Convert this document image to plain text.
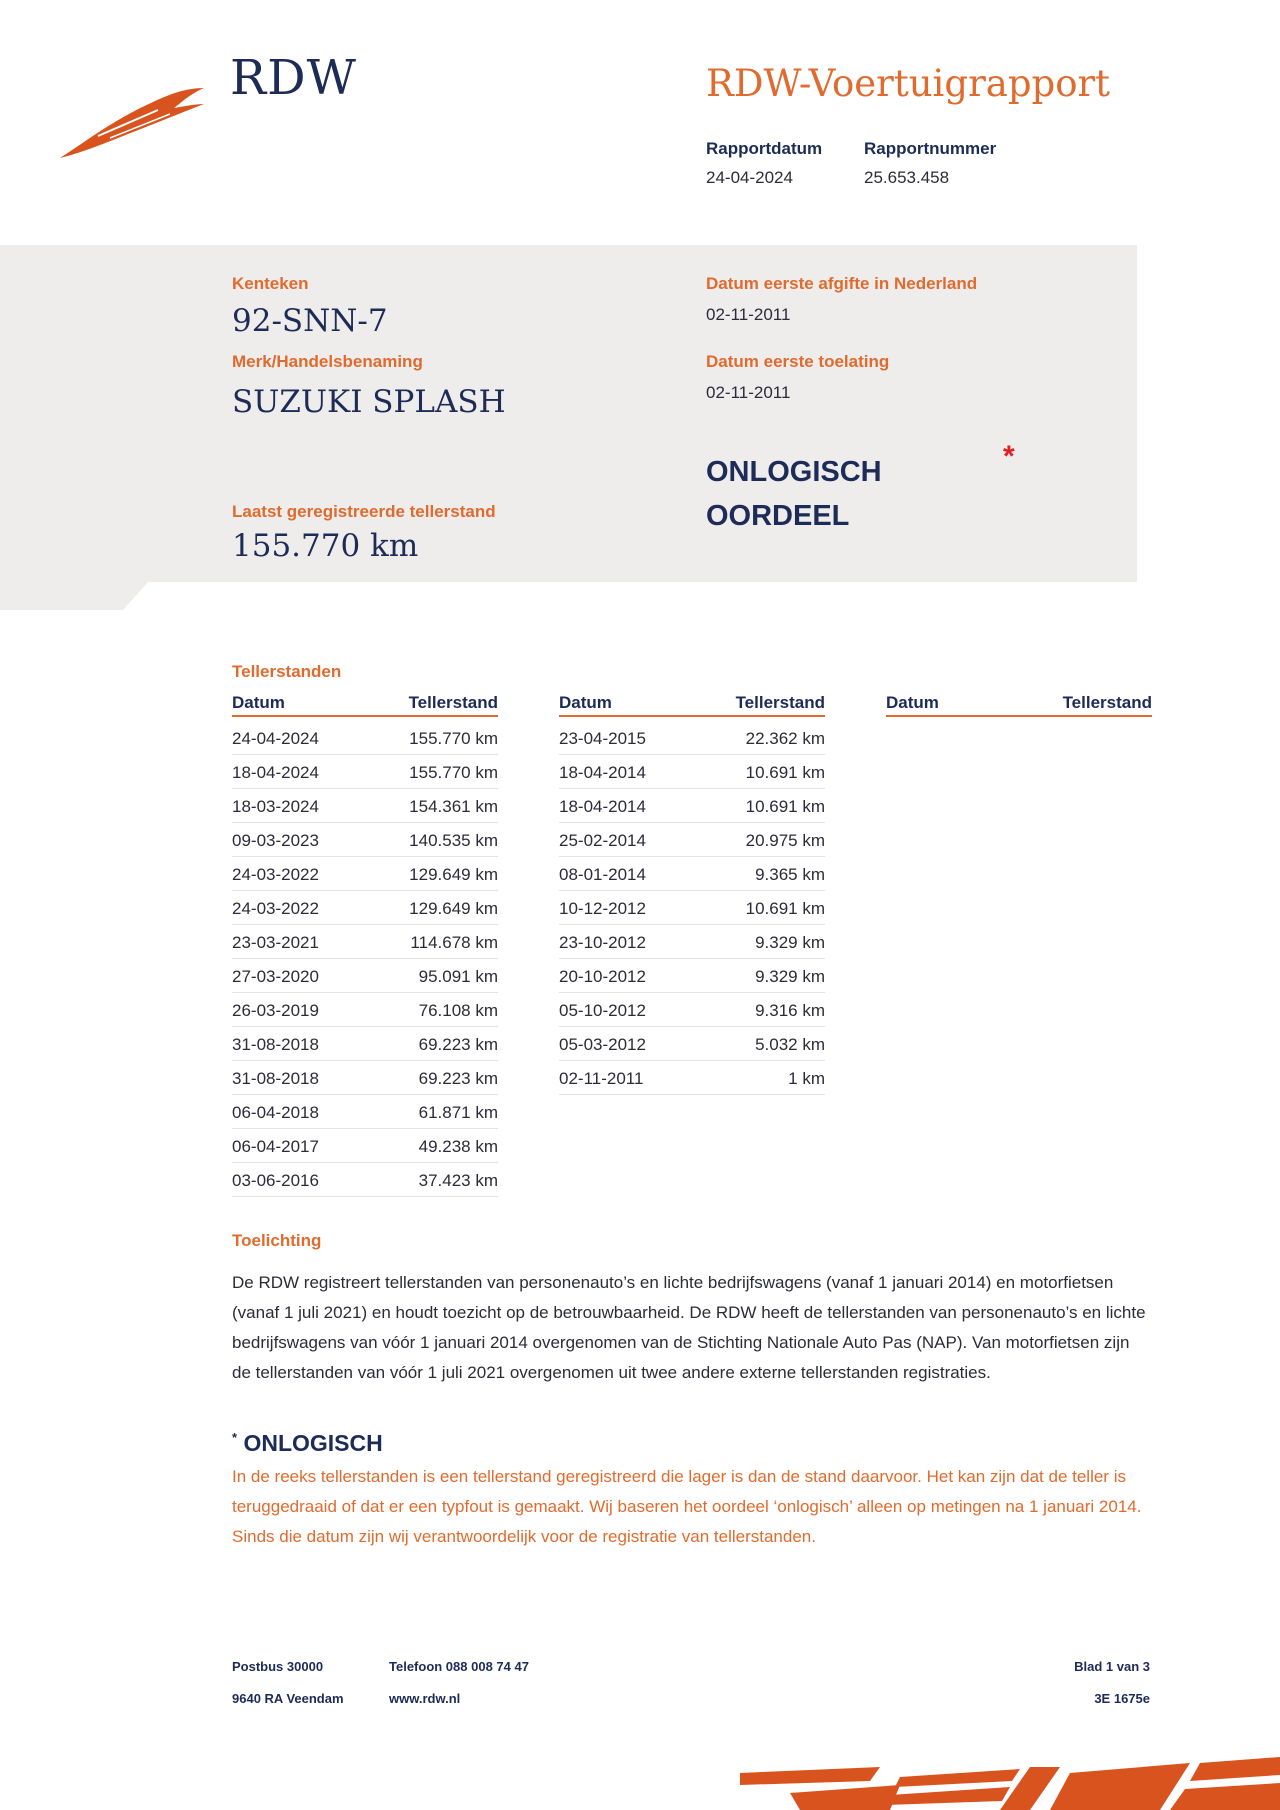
RDW	RDW-Voertuigrapport
Rapportdatum
24-04-2024
Rapportnummer
25.653.458
Kenteken
92-SNN-7
Merk/Handelsbenaming
SUZUKI SPLASH
Laatst geregistreerde tellerstand
155.770 km
Datum eerste afgifte in Nederland
02-11-2011
Datum eerste toelating
02-11-2011
ONLOGISCH
OORDEEL
*
Tellerstanden
Datum	Tellerstand	Datum	Tellerstand	Datum	Tellerstand
24-04-2024	155.770 km
18-04-2024	155.770 km
18-03-2024	154.361 km
09-03-2023	140.535 km
24-03-2022	129.649 km
24-03-2022	129.649 km
23-03-2021	114.678 km
27-03-2020	95.091 km
26-03-2019	76.108 km
31-08-2018	69.223 km
31-08-2018	69.223 km
06-04-2018	61.871 km
06-04-2017	49.238 km
03-06-2016	37.423 km
23-04-2015	22.362 km
18-04-2014	10.691 km
18-04-2014	10.691 km
25-02-2014	20.975 km
08-01-2014	9.365 km
10-12-2012	10.691 km
23-10-2012	9.329 km
20-10-2012	9.329 km
05-10-2012	9.316 km
05-03-2012	5.032 km
02-11-2011	1 km
Toelichting
De RDW registreert tellerstanden van personenauto’s en lichte bedrijfswagens (vanaf 1 januari 2014) en motorfietsen (vanaf 1 juli 2021) en houdt toezicht op de betrouwbaarheid. De RDW heeft de tellerstanden van personenauto’s en lichte bedrijfswagens van vóór 1 januari 2014 overgenomen van de Stichting Nationale Auto Pas (NAP). Van motorfietsen zijn de tellerstanden van vóór 1 juli 2021 overgenomen uit twee andere externe tellerstanden registraties.
* ONLOGISCH
In de reeks tellerstanden is een tellerstand geregistreerd die lager is dan de stand daarvoor. Het kan zijn dat de teller is teruggedraaid of dat er een typfout is gemaakt. Wij baseren het oordeel ‘onlogisch’ alleen op metingen na 1 januari 2014. Sinds die datum zijn wij verantwoordelijk voor de registratie van tellerstanden.
Postbus 30000
9640 RA Veendam
Telefoon 088 008 74 47
www.rdw.nl
Blad 1 van 3
3E 1675e
